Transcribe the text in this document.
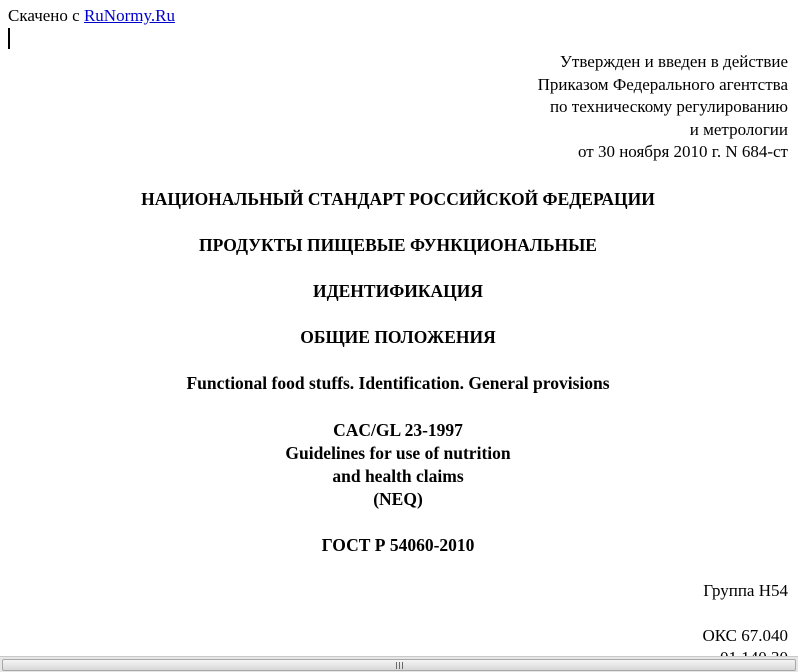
Скачено с RuNormy.Ru
Утвержден и введен в действие
Приказом Федерального агентства
по техническому регулированию
и метрологии
от 30 ноября 2010 г. N 684-ст
НАЦИОНАЛЬНЫЙ СТАНДАРТ РОССИЙСКОЙ ФЕДЕРАЦИИ
ПРОДУКТЫ ПИЩЕВЫЕ ФУНКЦИОНАЛЬНЫЕ
ИДЕНТИФИКАЦИЯ
ОБЩИЕ ПОЛОЖЕНИЯ
Functional food stuffs. Identification. General provisions
CAC/GL 23-1997
Guidelines for use of nutrition
and health claims
(NEQ)
ГОСТ Р 54060-2010
Группа Н54
ОКС 67.040
